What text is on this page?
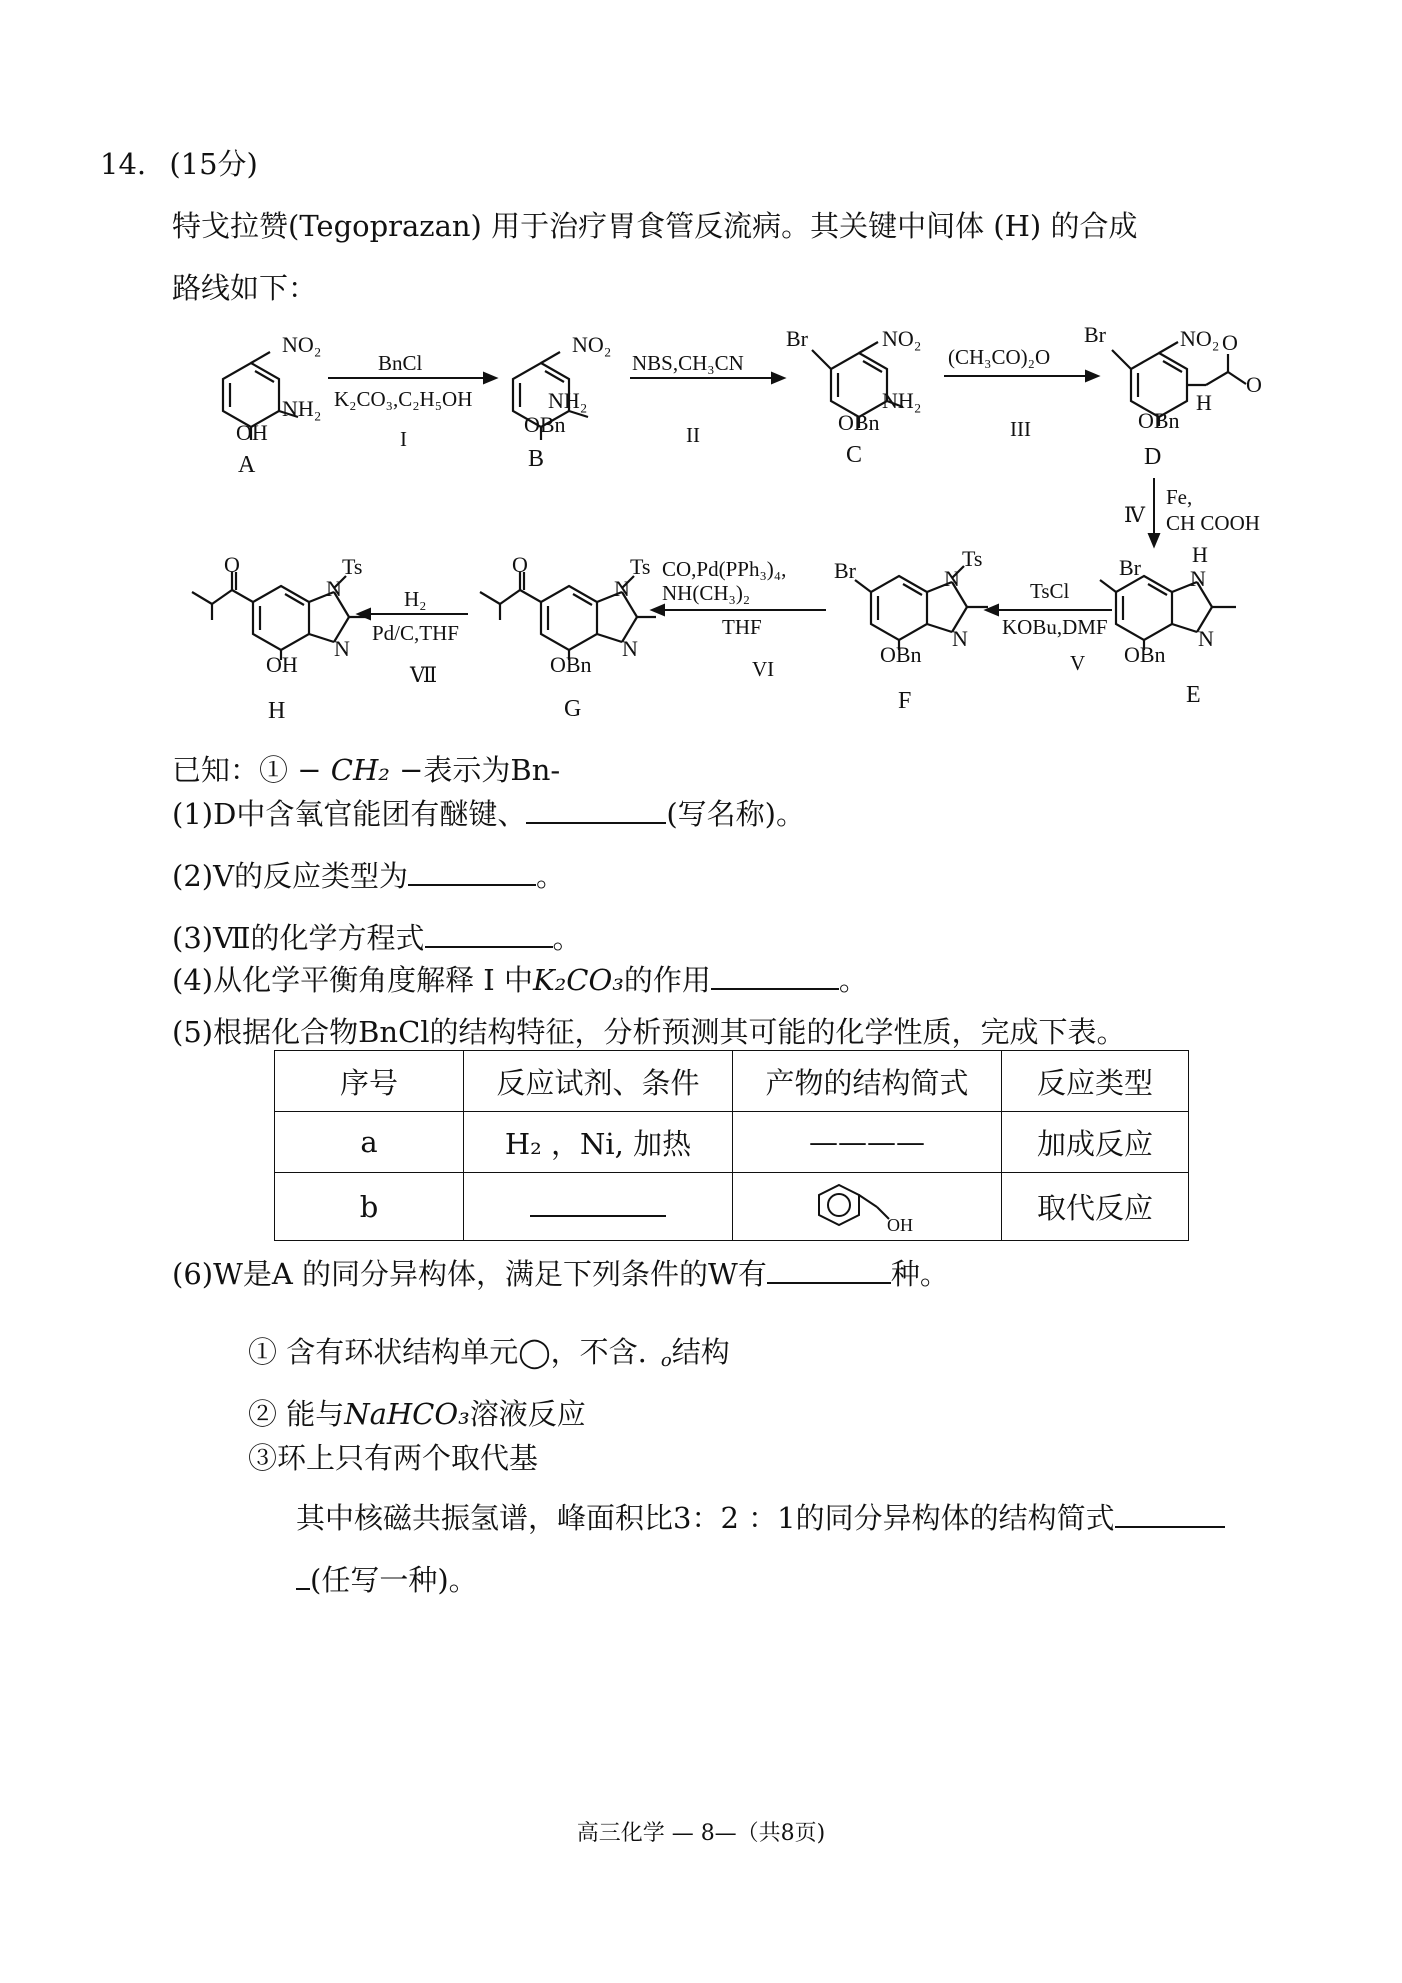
14. (15分)
特戈拉赞(Tegoprazan) 用于治疗胃食管反流病。其关键中间体 (H) 的合成
路线如下：
NO₂
NH₂
OH
NO₂
NH₂
OBn
Br	NO₂
NH₂
OBn
Br	NO₂ O
O
H
OBn
Br
H
N
N
OBn
Br	N
Ts
N
OBn
O
N
Ts
N
OBn
O
N
Ts
N
OH
A	B	C	D
E
F
G
H
BnCl
K₂CO₃,C₂H₅OH
I
NBS,CH₃CN
II
(CH₃CO)₂O
III
Fe,
CH COOH
Ⅳ
TsCl
KOBu,DMF
V
CO,Pd(PPh₃)₄,
NH(CH₃)₂
THF
VI
H₂
Pd/C,THF
Ⅶ
已知：① − CH₂ −表示为Bn-
(1)D中含氧官能团有醚键、	(写名称)。
(2)V的反应类型为	。
(3)Ⅶ的化学方程式	。
(4)从化学平衡角度解释 I 中K₂CO₃的作用	。
(5)根据化合物BnCl的结构特征，分析预测其可能的化学性质，完成下表。
序号	反应试剂、条件	产物的结构简式	反应类型
a	H₂ ，Ni, 加热	————	加成反应
b		OH	取代反应
(6)W是A 的同分异构体，满足下列条件的W有	种。
① 含有环状结构单元◯，不含. o结构
② 能与NaHCO₃溶液反应
③环上只有两个取代基
其中核磁共振氢谱，峰面积比3：2 ：1的同分异构体的结构简式
(任写一种)。
高三化学 — 8—（共8页)
